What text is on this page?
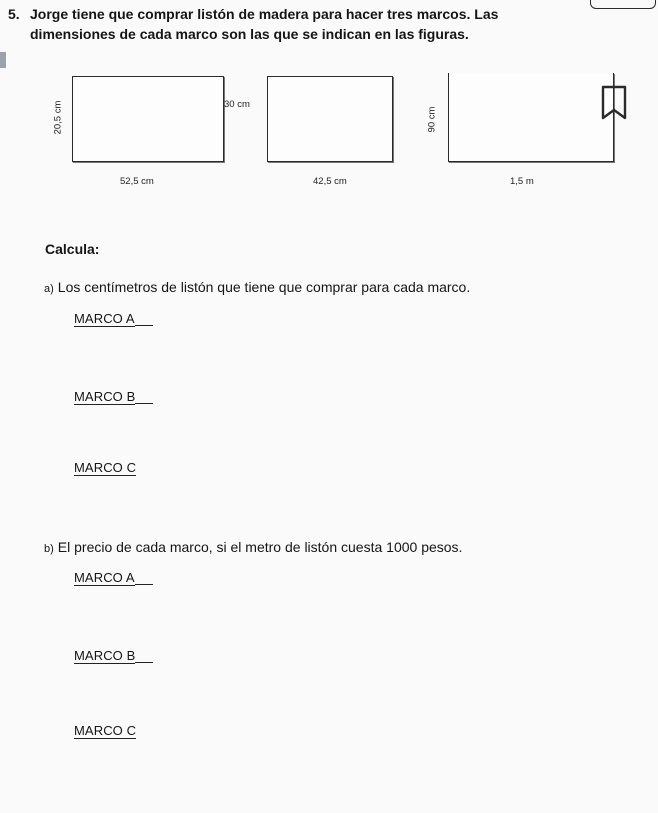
5. Jorge tiene que comprar listón de madera para hacer tres marcos. Las
dimensiones de cada marco son las que se indican en las figuras.
20,5 cm	30 cm
52,5 cm	42,5 cm
90 cm
1,5 m
Calcula:
a) Los centímetros de listón que tiene que comprar para cada marco.
MARCO A
MARCO B
MARCO C
b) El precio de cada marco, si el metro de listón cuesta 1000 pesos.
MARCO A
MARCO B
MARCO C
